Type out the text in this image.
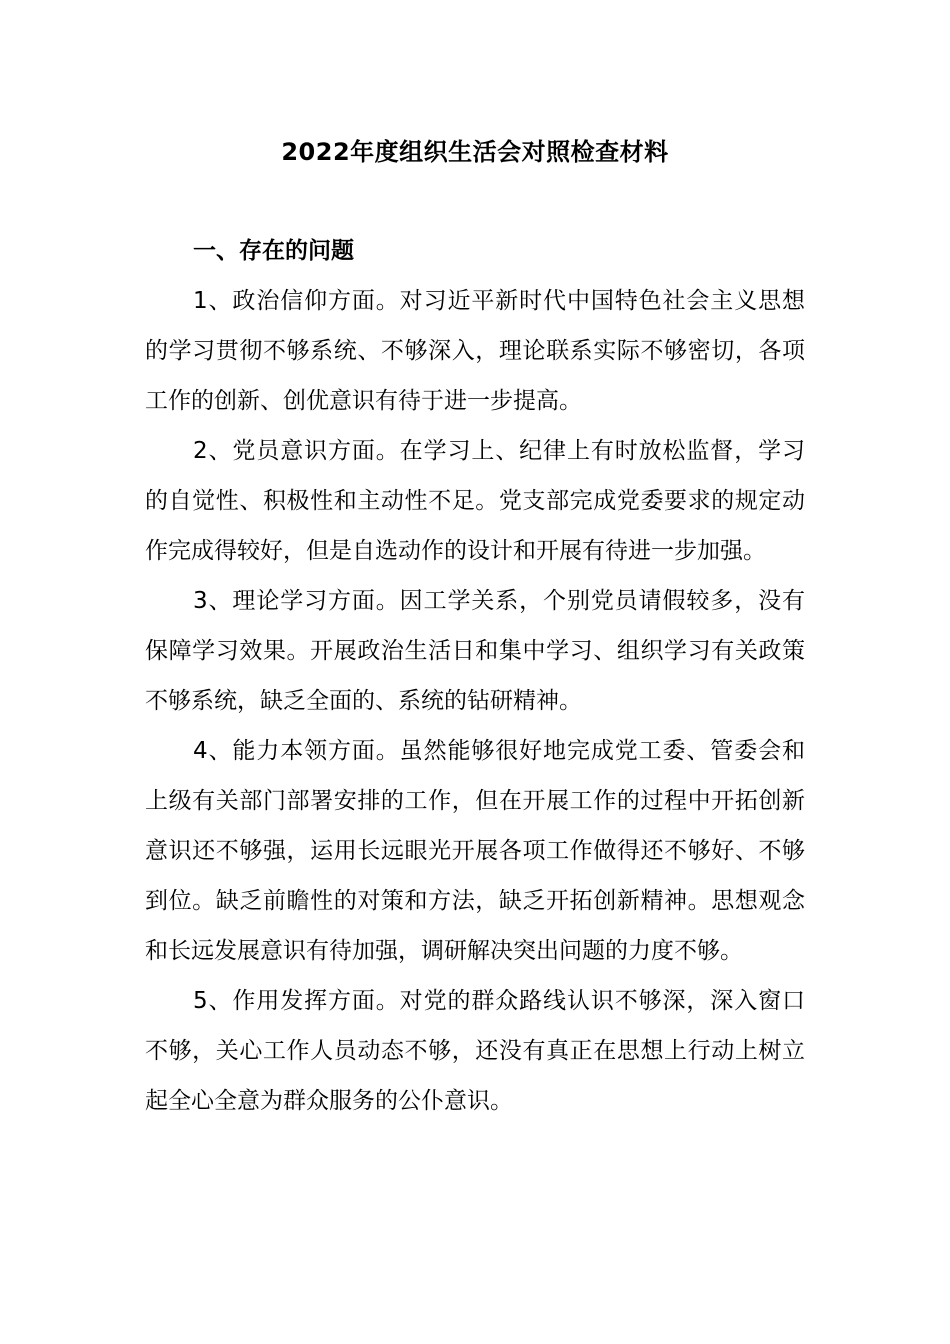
2022年度组织生活会对照检查材料

一、存在的问题

1、政治信仰方面。对习近平新时代中国特色社会主义思想的学习贯彻不够系统、不够深入，理论联系实际不够密切，各项工作的创新、创优意识有待于进一步提高。

2、党员意识方面。在学习上、纪律上有时放松监督，学习的自觉性、积极性和主动性不足。党支部完成党委要求的规定动作完成得较好，但是自选动作的设计和开展有待进一步加强。

3、理论学习方面。因工学关系，个别党员请假较多，没有保障学习效果。开展政治生活日和集中学习、组织学习有关政策不够系统，缺乏全面的、系统的钻研精神。

4、能力本领方面。虽然能够很好地完成党工委、管委会和上级有关部门部署安排的工作，但在开展工作的过程中开拓创新意识还不够强，运用长远眼光开展各项工作做得还不够好、不够到位。缺乏前瞻性的对策和方法，缺乏开拓创新精神。思想观念和长远发展意识有待加强，调研解决突出问题的力度不够。

5、作用发挥方面。对党的群众路线认识不够深，深入窗口不够，关心工作人员动态不够，还没有真正在思想上行动上树立起全心全意为群众服务的公仆意识。
